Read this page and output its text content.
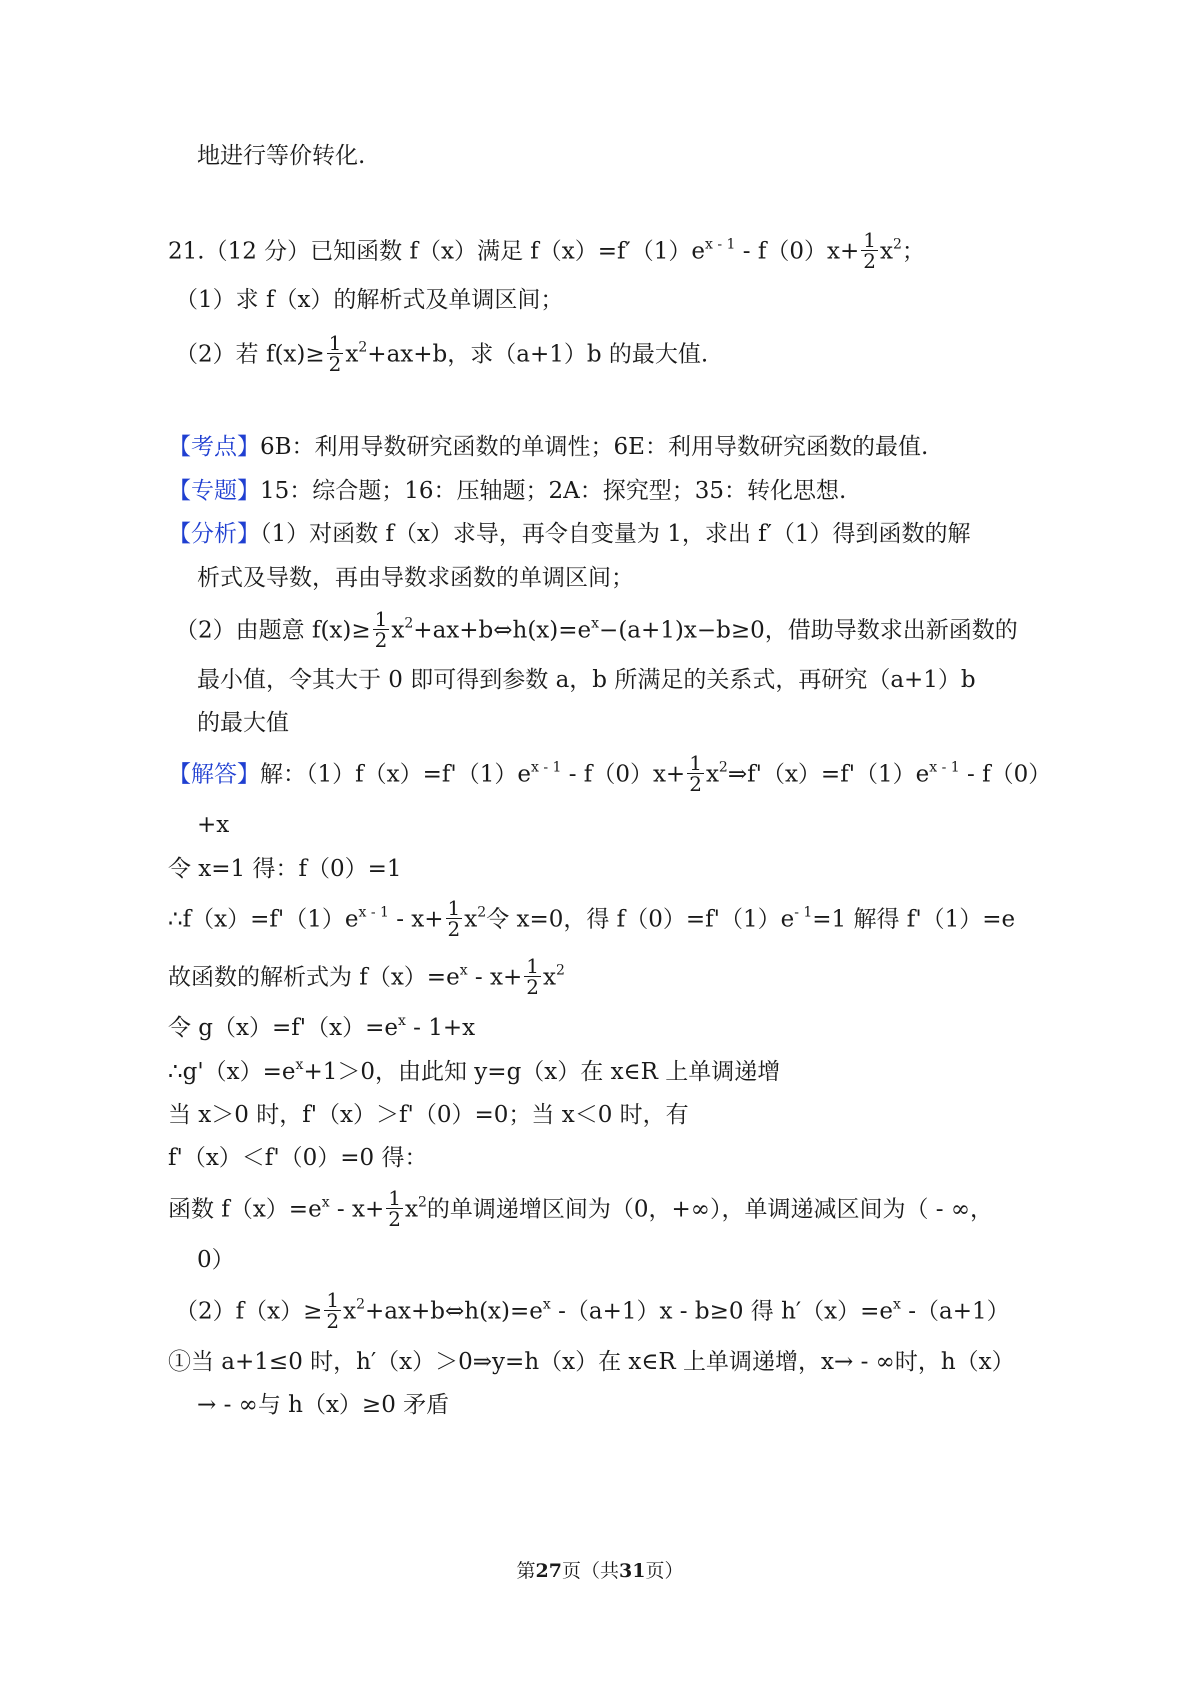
地进行等价转化.
21.（12 分）已知函数 f（x）满足 $f(x)=f'(1)e^{x - 1} - f(0)x+ \frac{1}{2} x^2$；
（1）求 f（x）的解析式及单调区间；
（2）若 $f(x)\ge \frac{1}{2} x^2+ax+b$，求（a+1）b 的最大值.
【考点】6B：利用导数研究函数的单调性；6E：利用导数研究函数的最值.
【专题】15：综合题；16：压轴题；2A：探究型；35：转化思想.
【分析】（1）对函数 f（x）求导，再令自变量为 1，求出 f′（1）得到函数的解
析式及导数，再由导数求函数的单调区间；
（2）由题意 $f(x)\ge \frac{1}{2}$ $x^2+ax+b\Leftrightarrow h(x)=e^x-(a+1)x-b\ge 0$，借助导数求出新函数的
最小值，令其大于 0 即可得到参数 a，b 所满足的关系式，再研究（a+1）b
的最大值
【解答】解：$(1)f(x)=f'(1)e^{x - 1} - f(0)x+ \frac{1}{2}$ $x^2\Rightarrow f'(x)=f'(1)e^{x - 1} - f(0)$
+x
令 x=1 得：f（0）=1
$\therefore f(x)=f'(1)e^{x - 1} - x+ \frac{1}{2} x^2$令 x=0，得 $f(0)=f'(1)e^{- 1}=1$ 解得 f'（1）=e
故函数的解析式为 $f(x)=e^x - x+ \frac{1}{2} x^2$
令 $g(x)=f'(x)=e^x - 1+x$
$\therefore g'(x)=e^x+1>0$，由此知 y=g（x）在 x∈R 上单调递增
当 x＞0 时，f'（x）＞f'（0）=0；当 x＜0 时，有
f'（x）＜f'（0）=0 得：
函数 $f(x)=e^x - x+ \frac{1}{2} x^2$的单调递增区间为（0，+∞），单调递减区间为（ - ∞，
0）
$(2)f(x)\ge \frac{1}{2}$ $x^2+ax+b\Leftrightarrow h(x)=e^x$ -（a+1）x - b≥0 得 $h'(x)=e^x$ -（a+1）
①当 a+1≤0 时，h′（x）＞0⇒y=h（x）在 x∈R 上单调递增，x→ - ∞时，h（x）
→ - ∞与 h（x）≥0 矛盾
第27页（共31页）
